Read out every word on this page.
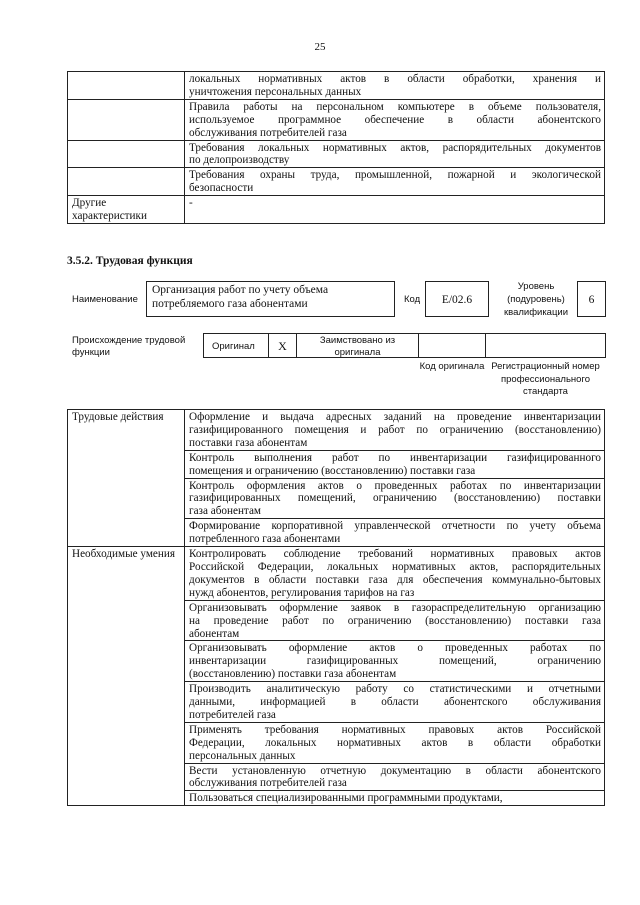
25

	локальных нормативных актов в области обработки, хранения и
уничтожения персональных данных

	Правила работы на персональном компьютере в объеме пользователя,
используемое программное обеспечение в области абонентского
обслуживания потребителей газа

	Требования локальных нормативных актов, распорядительных документов
по делопроизводству

	Требования охраны труда, промышленной, пожарной и экологической
безопасности

Другие характеристики	-
3.5.2. Трудовая функция
Наименование
Организация работ по учету объема потребляемого газа абонентами	Код	E/02.6
Уровень (подуровень) квалификации
6
Происхождение трудовой функции
Оригинал	X	Заимствовано из оригинала
Код оригинала Регистрационный номер профессионального стандарта
Трудовые действия	Оформление и выдача адресных заданий на проведение инвентаризации
газифицированного помещения и работ по ограничению (восстановлению)
поставки газа абонентам

	Контроль выполнения работ по инвентаризации газифицированного
помещения и ограничению (восстановлению) поставки газа

	Контроль оформления актов о проведенных работах по инвентаризации
газифицированных помещений, ограничению (восстановлению) поставки
газа абонентам

	Формирование корпоративной управленческой отчетности по учету объема
потребленного газа абонентами

Необходимые умения	Контролировать соблюдение требований нормативных правовых актов
Российской Федерации, локальных нормативных актов, распорядительных
документов в области поставки газа для обеспечения коммунально-бытовых
нужд абонентов, регулирования тарифов на газ

	Организовывать оформление заявок в газораспределительную организацию
на проведение работ по ограничению (восстановлению) поставки газа
абонентам

	Организовывать оформление актов о проведенных работах по
инвентаризации газифицированных помещений, ограничению
(восстановлению) поставки газа абонентам

	Производить аналитическую работу со статистическими и отчетными
данными, информацией в области абонентского обслуживания
потребителей газа

	Применять требования нормативных правовых актов Российской
Федерации, локальных нормативных актов в области обработки
персональных данных

	Вести установленную отчетную документацию в области абонентского
обслуживания потребителей газа

	Пользоваться специализированными программными продуктами,
